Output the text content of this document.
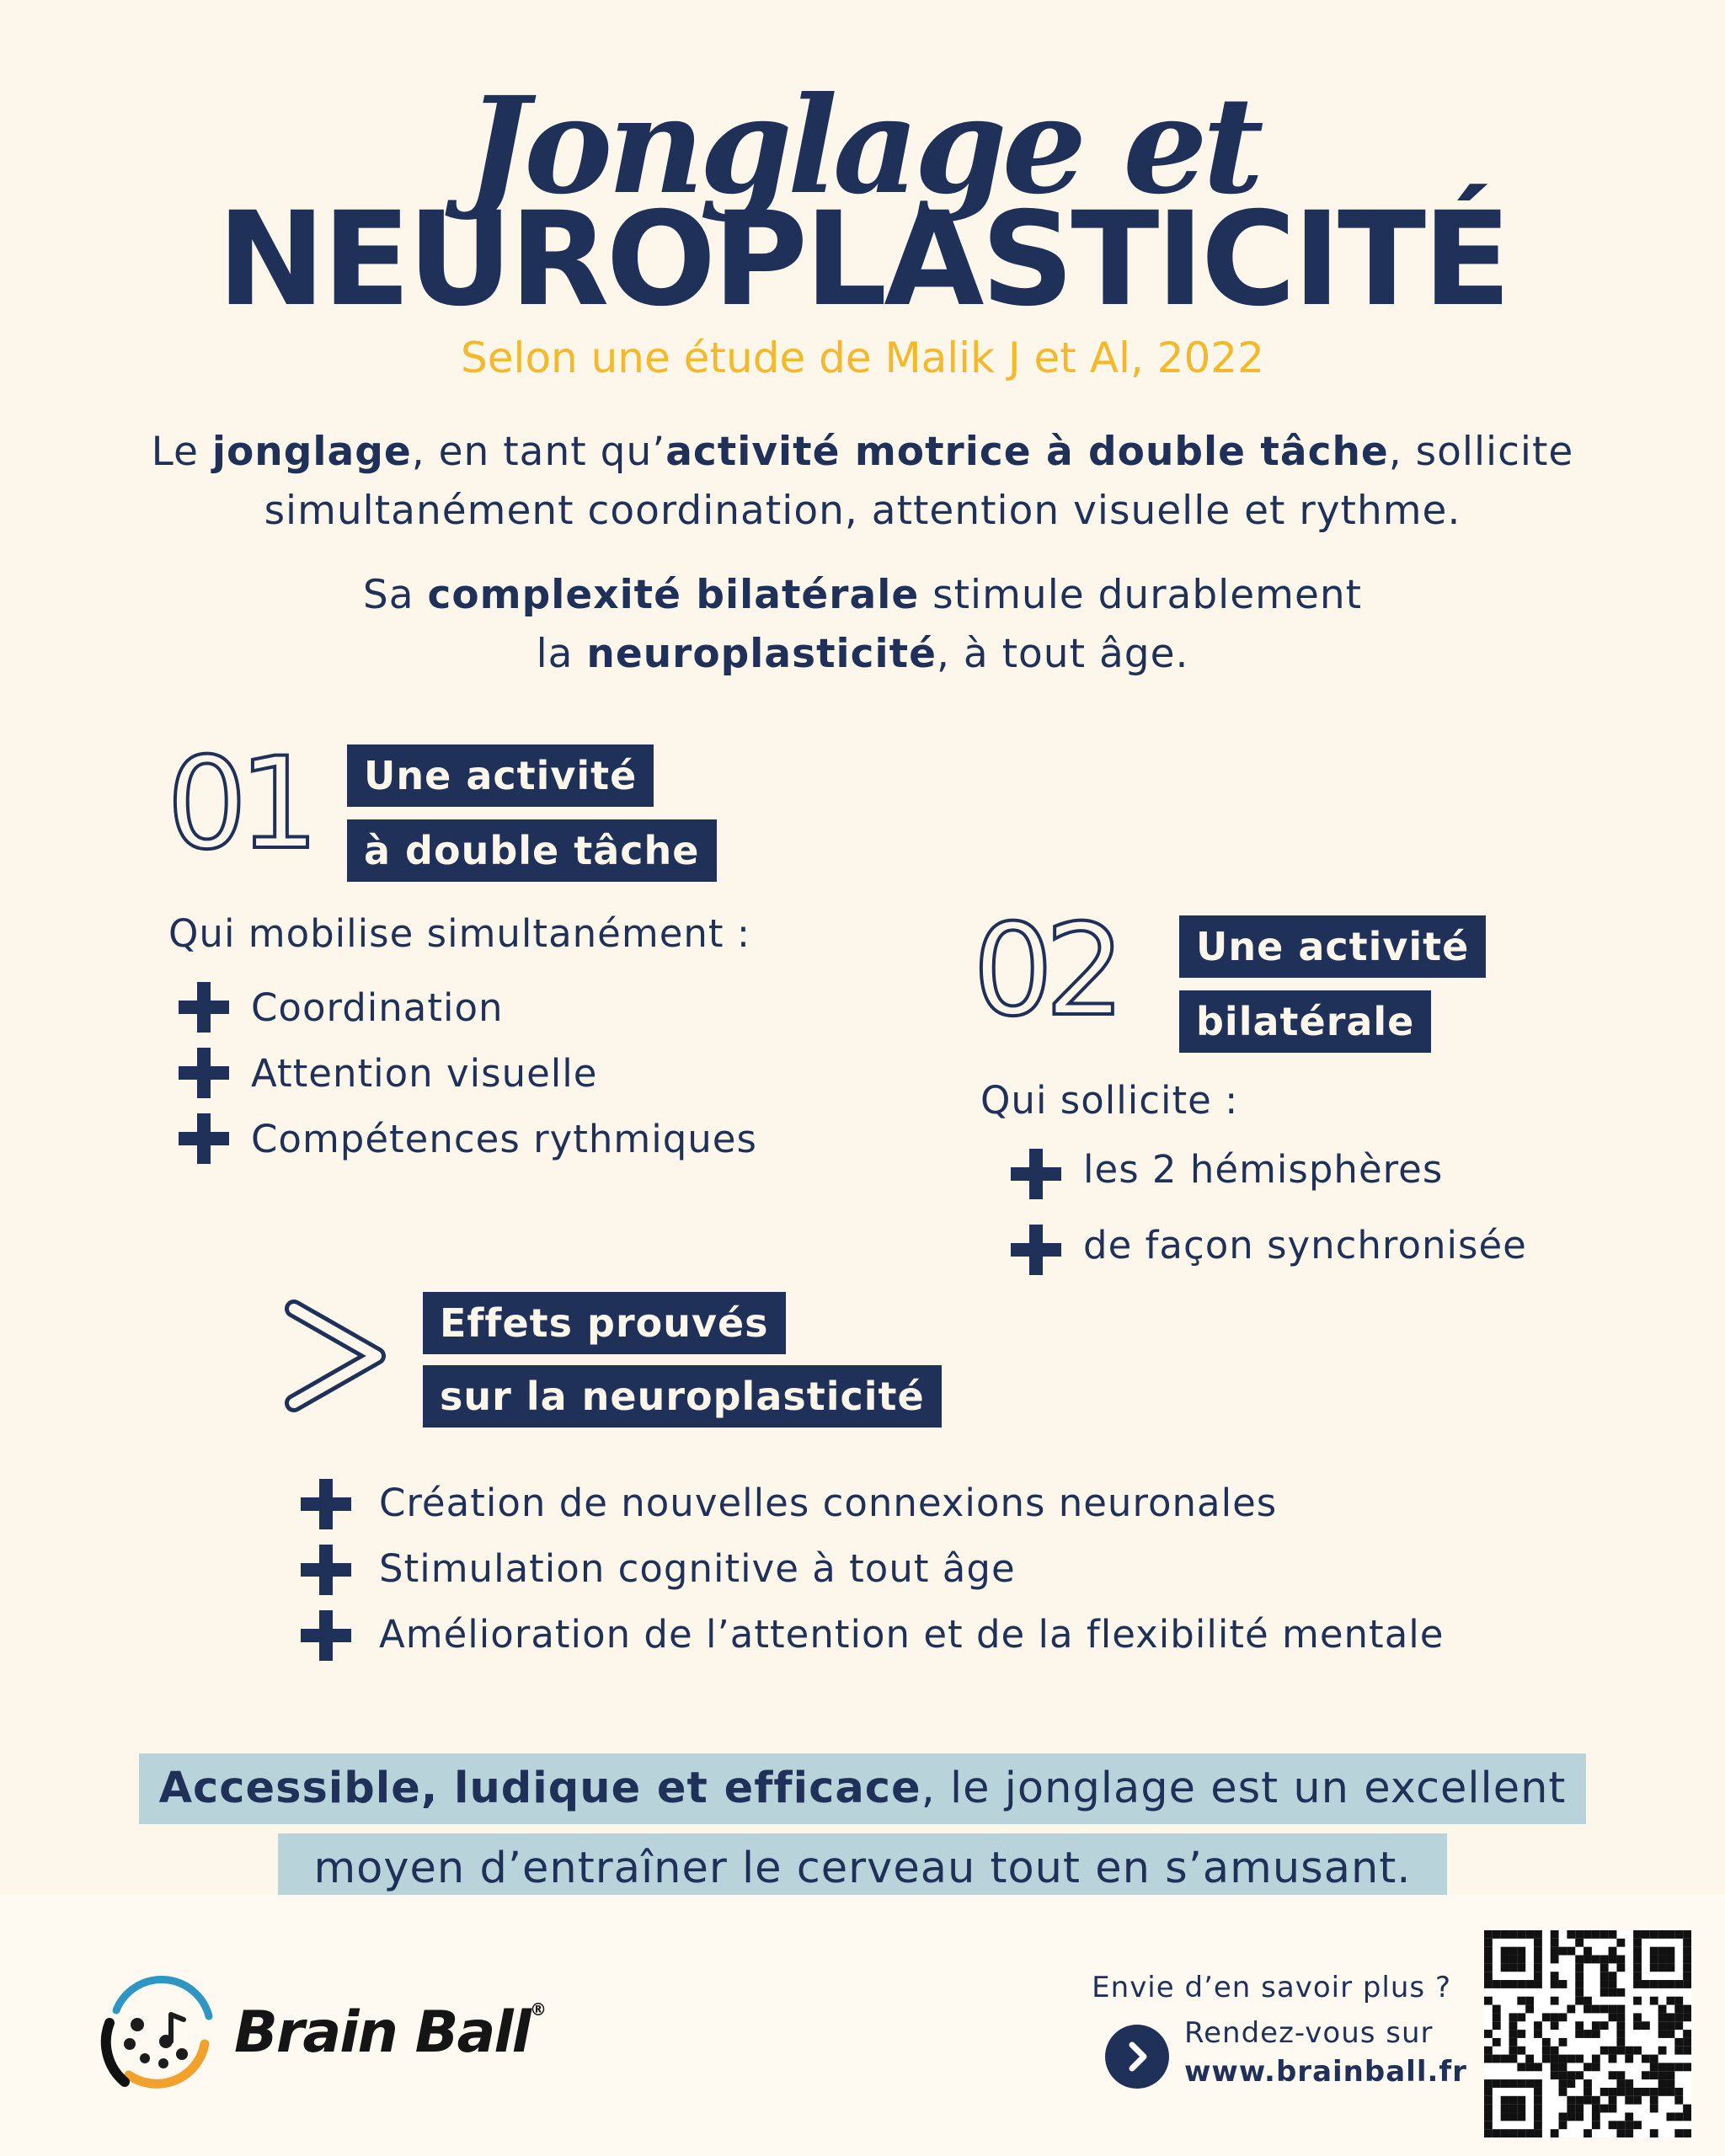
Jonglage et
NEUROPLASTICITÉ
Selon une étude de Malik J et Al, 2022
Le jonglage, en tant qu’activité motrice à double tâche, sollicite
simultanément coordination, attention visuelle et rythme.
Sa complexité bilatérale stimule durablement
la neuroplasticité, à tout âge.
01	Une activité
à double tâche
Qui mobilise simultanément :
Coordination
Attention visuelle
Compétences rythmiques
02	Une activité
bilatérale
Qui sollicite :
les 2 hémisphères
de façon synchronisée
Effets prouvés
sur la neuroplasticité
Création de nouvelles connexions neuronales
Stimulation cognitive à tout âge
Amélioration de l’attention et de la flexibilité mentale
Accessible, ludique et efficace, le jonglage est un excellent
moyen d’entraîner le cerveau tout en s’amusant.
Brain Ball®
Envie d’en savoir plus ?
Rendez-vous sur
www.brainball.fr
